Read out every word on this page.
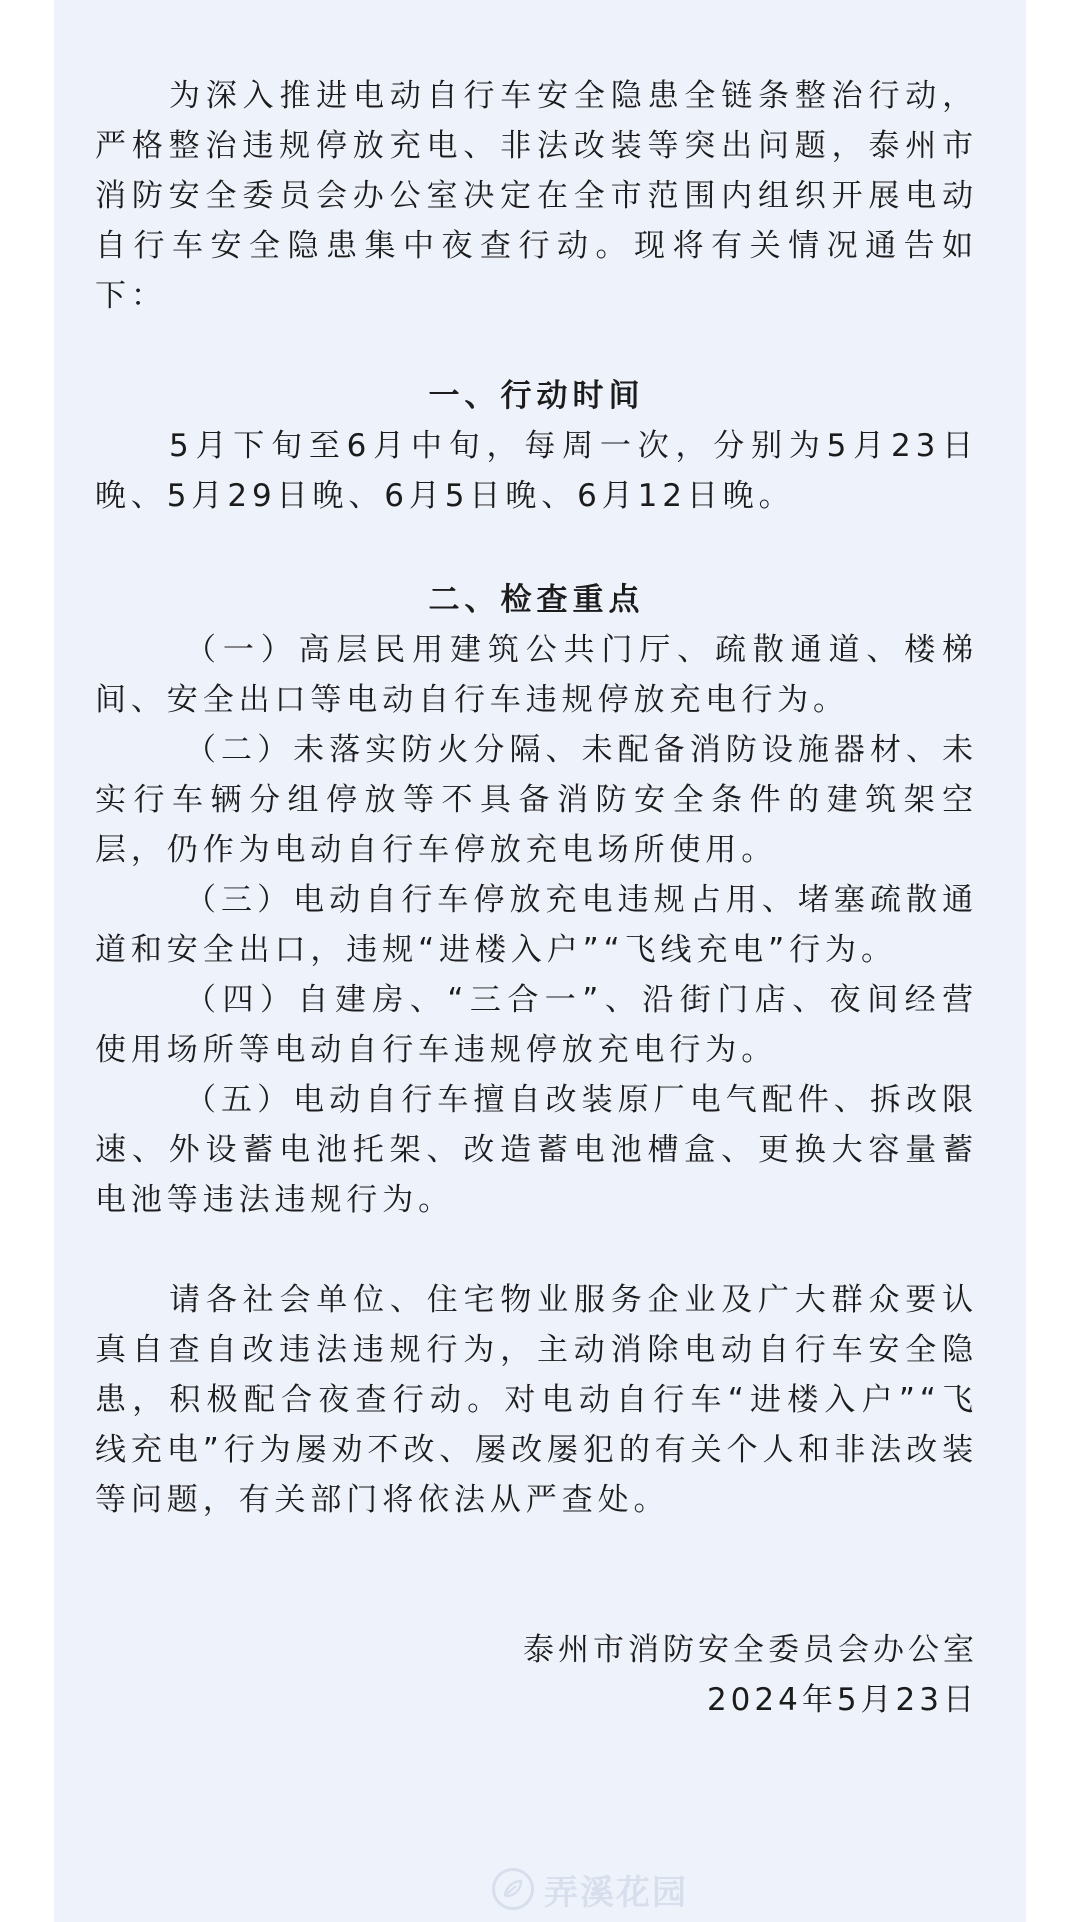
为深入推进电动自行车安全隐患全链条整治行动，严格整治违规停放充电、非法改装等突出问题，泰州市消防安全委员会办公室决定在全市范围内组织开展电动自行车安全隐患集中夜查行动。现将有关情况通告如下：

一、行动时间

5月下旬至6月中旬，每周一次，分别为5月23日晚、5月29日晚、6月5日晚、6月12日晚。

二、检查重点

（一）高层民用建筑公共门厅、疏散通道、楼梯间、安全出口等电动自行车违规停放充电行为。

（二）未落实防火分隔、未配备消防设施器材、未实行车辆分组停放等不具备消防安全条件的建筑架空层，仍作为电动自行车停放充电场所使用。

（三）电动自行车停放充电违规占用、堵塞疏散通道和安全出口，违规“进楼入户”“飞线充电”行为。

（四）自建房、“三合一”、沿街门店、夜间经营使用场所等电动自行车违规停放充电行为。

（五）电动自行车擅自改装原厂电气配件、拆改限速、外设蓄电池托架、改造蓄电池槽盒、更换大容量蓄电池等违法违规行为。

请各社会单位、住宅物业服务企业及广大群众要认真自查自改违法违规行为，主动消除电动自行车安全隐患，积极配合夜查行动。对电动自行车“进楼入户”“飞线充电”行为屡劝不改、屡改屡犯的有关个人和非法改装等问题，有关部门将依法从严查处。

泰州市消防安全委员会办公室

2024年5月23日

弄溪花园
